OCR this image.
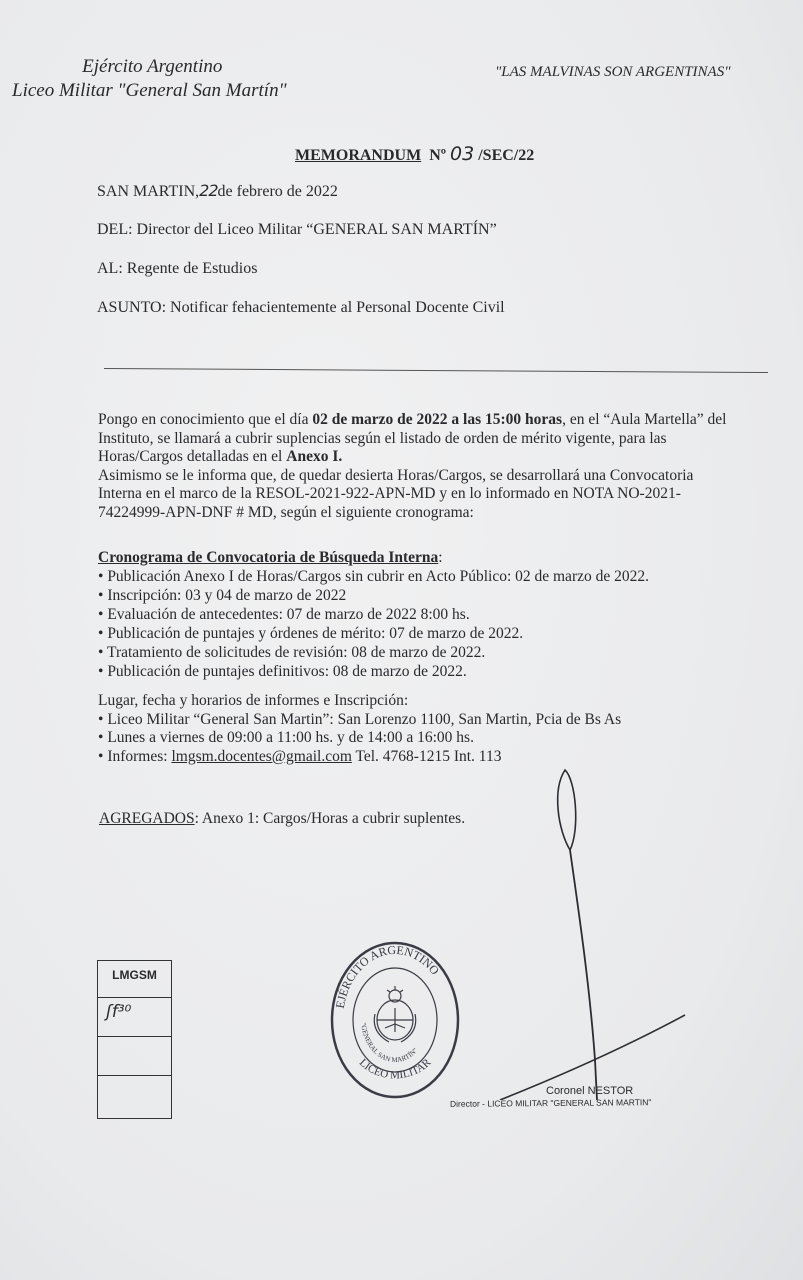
Ejército Argentino
Liceo Militar "General San Martín"
"LAS MALVINAS SON ARGENTINAS"
MEMORANDUM Nº 03 /SEC/22
SAN MARTIN,22de febrero de 2022
DEL: Director del Liceo Militar “GENERAL SAN MARTÍN”
AL: Regente de Estudios
ASUNTO: Notificar fehacientemente al Personal Docente Civil

Pongo en conocimiento que el día 02 de marzo de 2022 a las 15:00 horas, en el “Aula Martella” del Instituto, se llamará a cubrir suplencias según el listado de orden de mérito vigente, para las Horas/Cargos detalladas en el Anexo I.

Asimismo se le informa que, de quedar desierta Horas/Cargos, se desarrollará una Convocatoria Interna en el marco de la RESOL-2021-922-APN-MD y en lo informado en NOTA NO-2021-74224999-APN-DNF # MD, según el siguiente cronograma:

Cronograma de Convocatoria de Búsqueda Interna:
• Publicación Anexo I de Horas/Cargos sin cubrir en Acto Público: 02 de marzo de 2022.
• Inscripción: 03 y 04 de marzo de 2022
• Evaluación de antecedentes: 07 de marzo de 2022 8:00 hs.
• Publicación de puntajes y órdenes de mérito: 07 de marzo de 2022.
• Tratamiento de solicitudes de revisión: 08 de marzo de 2022.
• Publicación de puntajes definitivos: 08 de marzo de 2022.
Lugar, fecha y horarios de informes e Inscripción:
• Liceo Militar “General San Martin”: San Lorenzo 1100, San Martin, Pcia de Bs As
• Lunes a viernes de 09:00 a 11:00 hs. y de 14:00 a 16:00 hs.
• Informes: lmgsm.docentes@gmail.com Tel. 4768-1215 Int. 113
AGREGADOS: Anexo 1: Cargos/Horas a cubrir suplentes.
LMGSM
ʃf³⁰	EJÉRCITO ARGENTINO
LICEO MILITAR
"GENERAL SAN MARTÍN"
Coronel NESTOR
Director - LICEO MILITAR "GENERAL SAN MARTIN"
